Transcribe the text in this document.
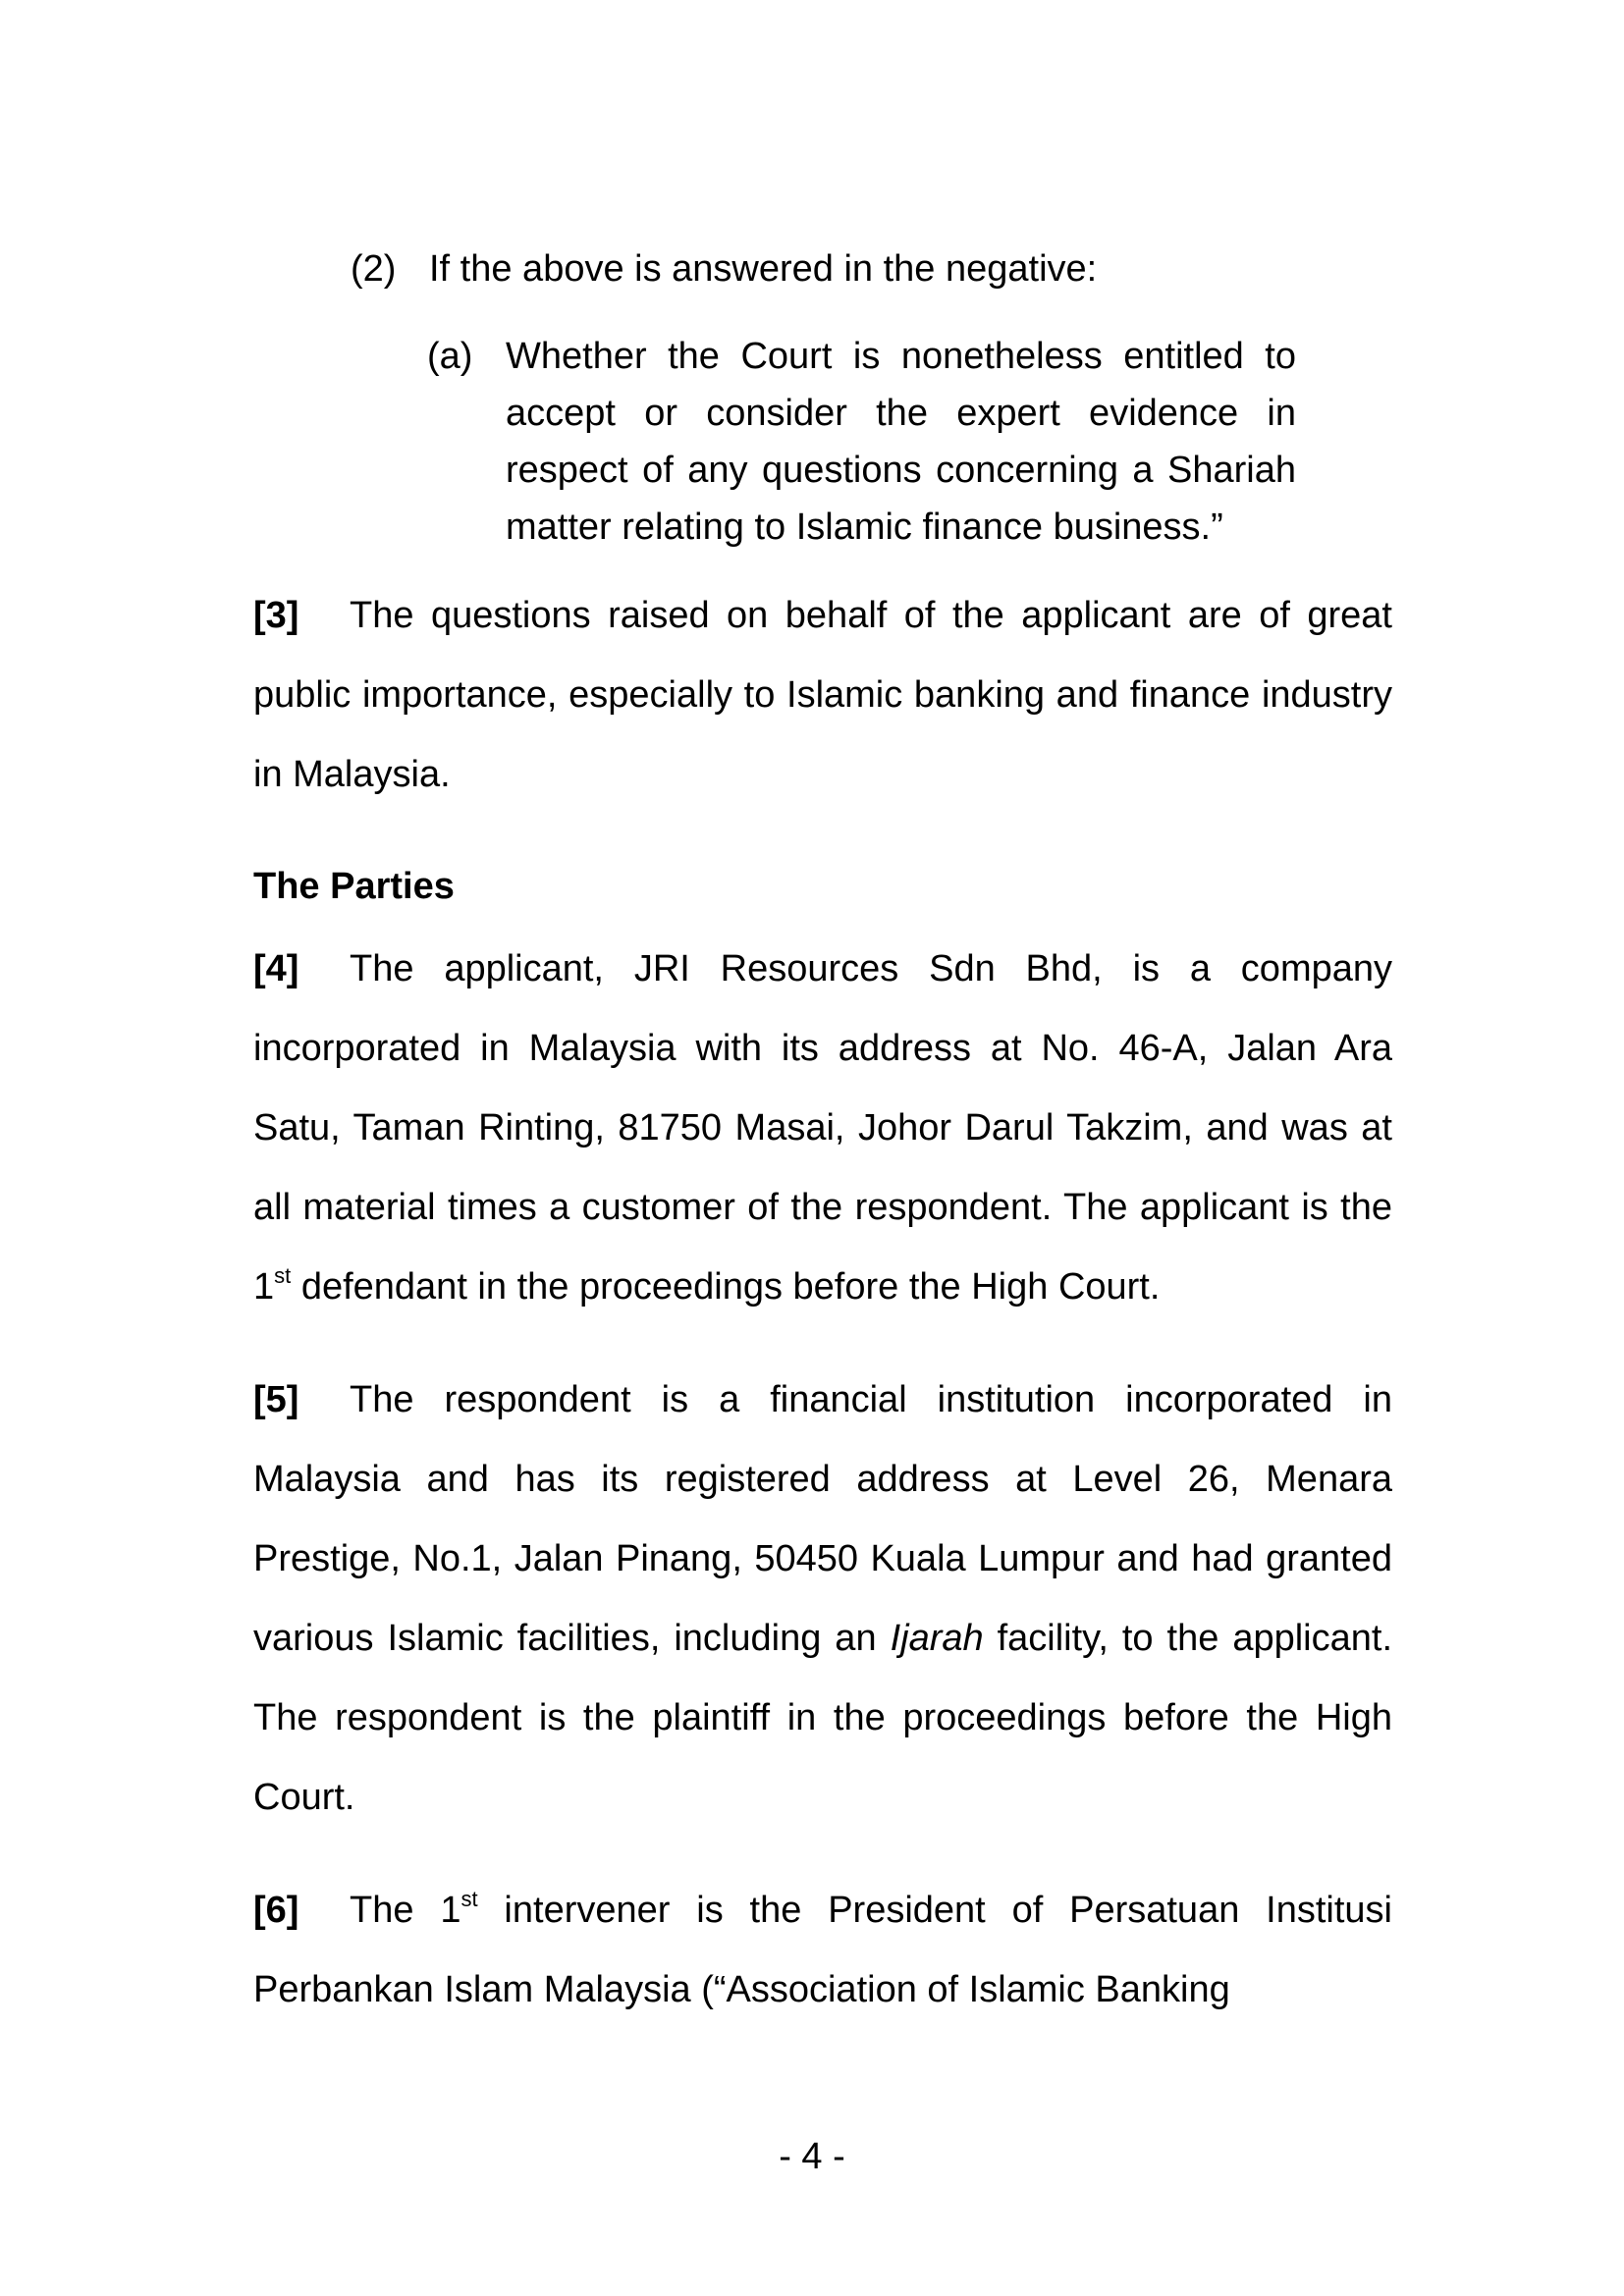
(2) If the above is answered in the negative:
(a) Whether the Court is nonetheless entitled to accept or consider the expert evidence in respect of any questions concerning a Shariah matter relating to Islamic finance business.”
[3] The questions raised on behalf of the applicant are of great public importance, especially to Islamic banking and finance industry in Malaysia.
The Parties
[4] The applicant, JRI Resources Sdn Bhd, is a company incorporated in Malaysia with its address at No. 46-A, Jalan Ara Satu, Taman Rinting, 81750 Masai, Johor Darul Takzim, and was at all material times a customer of the respondent. The applicant is the 1st defendant in the proceedings before the High Court.
[5] The respondent is a financial institution incorporated in Malaysia and has its registered address at Level 26, Menara Prestige, No.1, Jalan Pinang, 50450 Kuala Lumpur and had granted various Islamic facilities, including an Ijarah facility, to the applicant. The respondent is the plaintiff in the proceedings before the High Court.
[6] The 1st intervener is the President of Persatuan Institusi Perbankan Islam Malaysia (“Association of Islamic Banking
- 4 -
